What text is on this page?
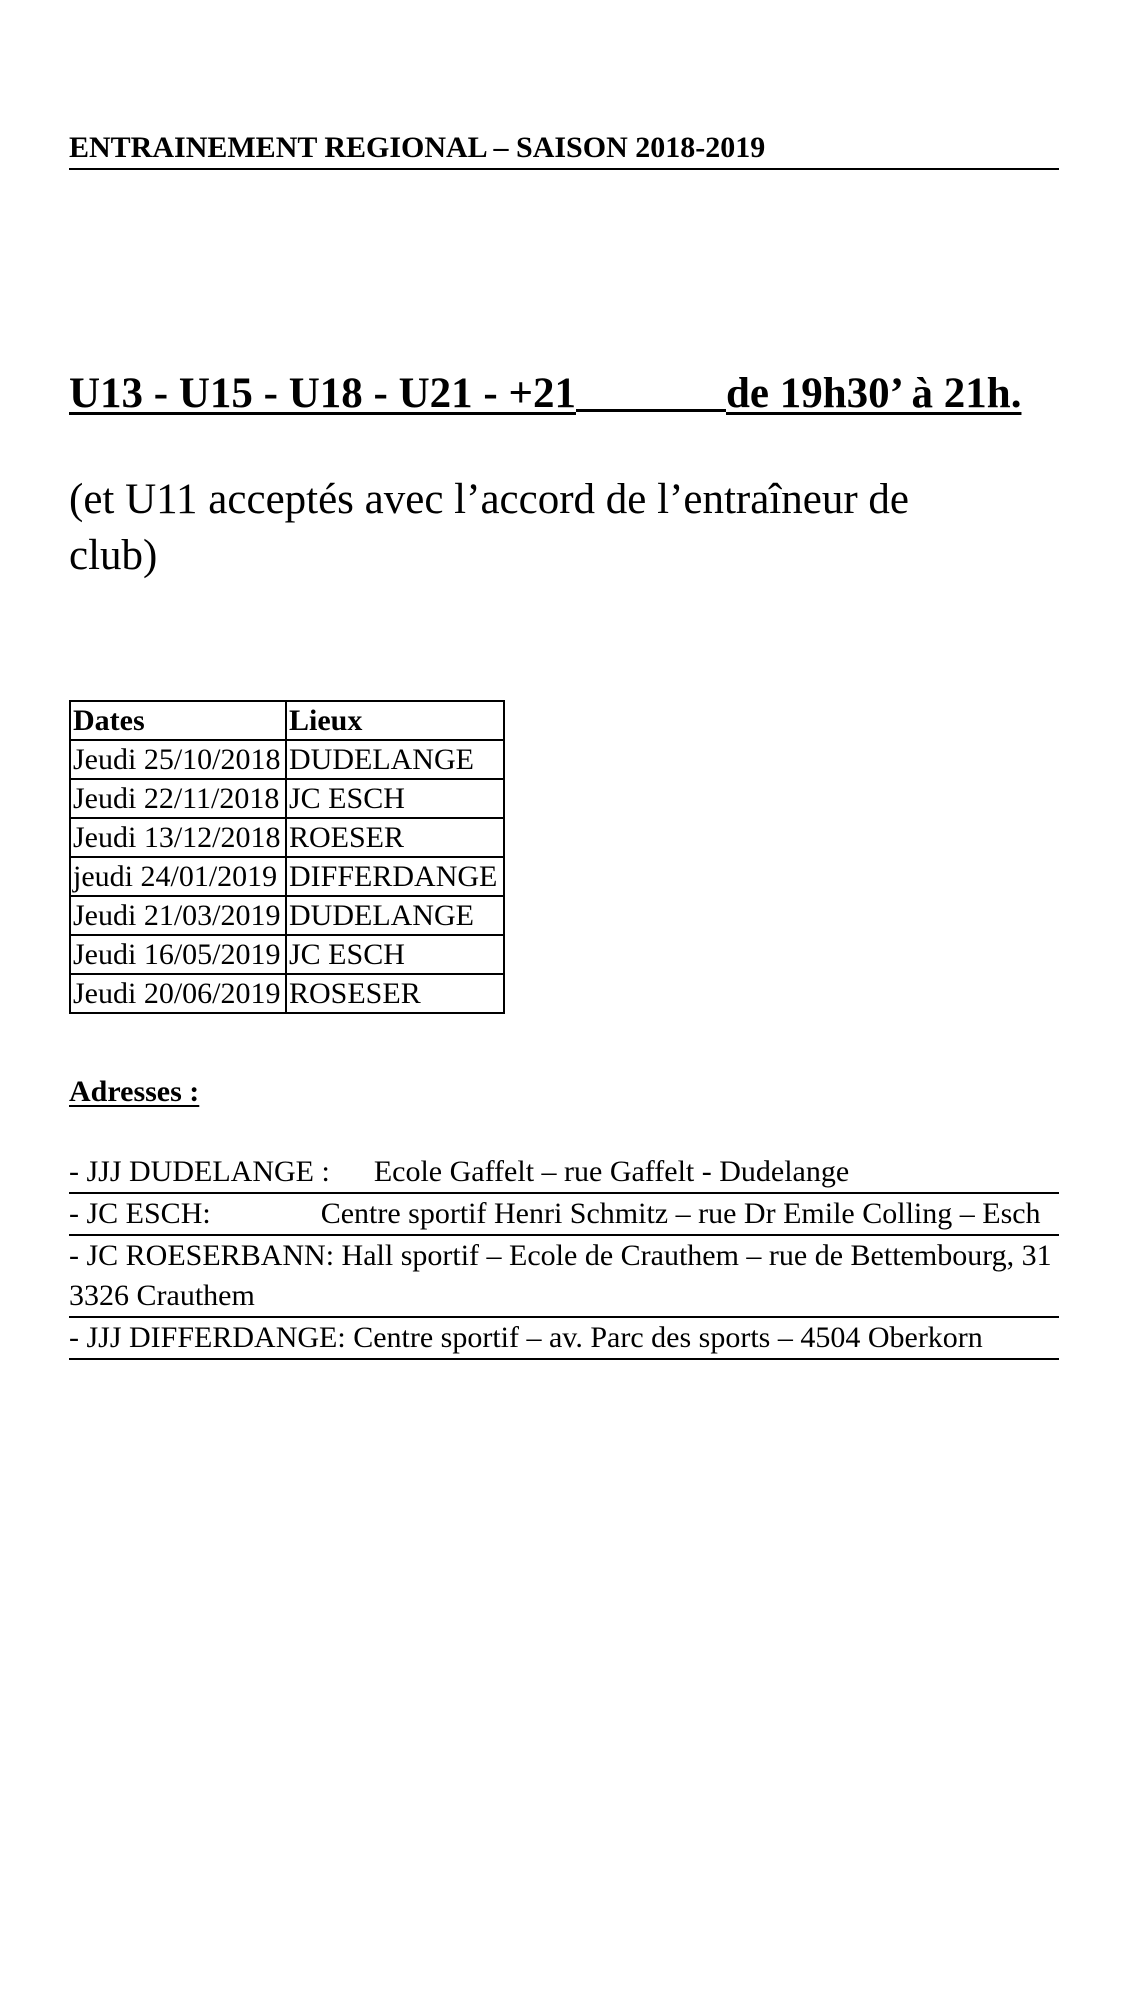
ENTRAINEMENT REGIONAL – SAISON 2018-2019
U13 - U15 - U18 - U21 - +21	de 19h30’ à 21h.
(et U11 acceptés avec l’accord de l’entraîneur de club)
Dates	Lieux
Jeudi 25/10/2018	DUDELANGE
Jeudi 22/11/2018	JC ESCH
Jeudi 13/12/2018	ROESER
jeudi 24/01/2019	DIFFERDANGE
Jeudi 21/03/2019	DUDELANGE
Jeudi 16/05/2019	JC ESCH
Jeudi 20/06/2019	ROSESER
Adresses :
- JJJ DUDELANGE : Ecole Gaffelt – rue Gaffelt - Dudelange
- JC ESCH:	Centre sportif Henri Schmitz – rue Dr Emile Colling – Esch
- JC ROESERBANN: Hall sportif – Ecole de Crauthem – rue de Bettembourg, 31 3326 Crauthem
- JJJ DIFFERDANGE: Centre sportif – av. Parc des sports – 4504 Oberkorn
